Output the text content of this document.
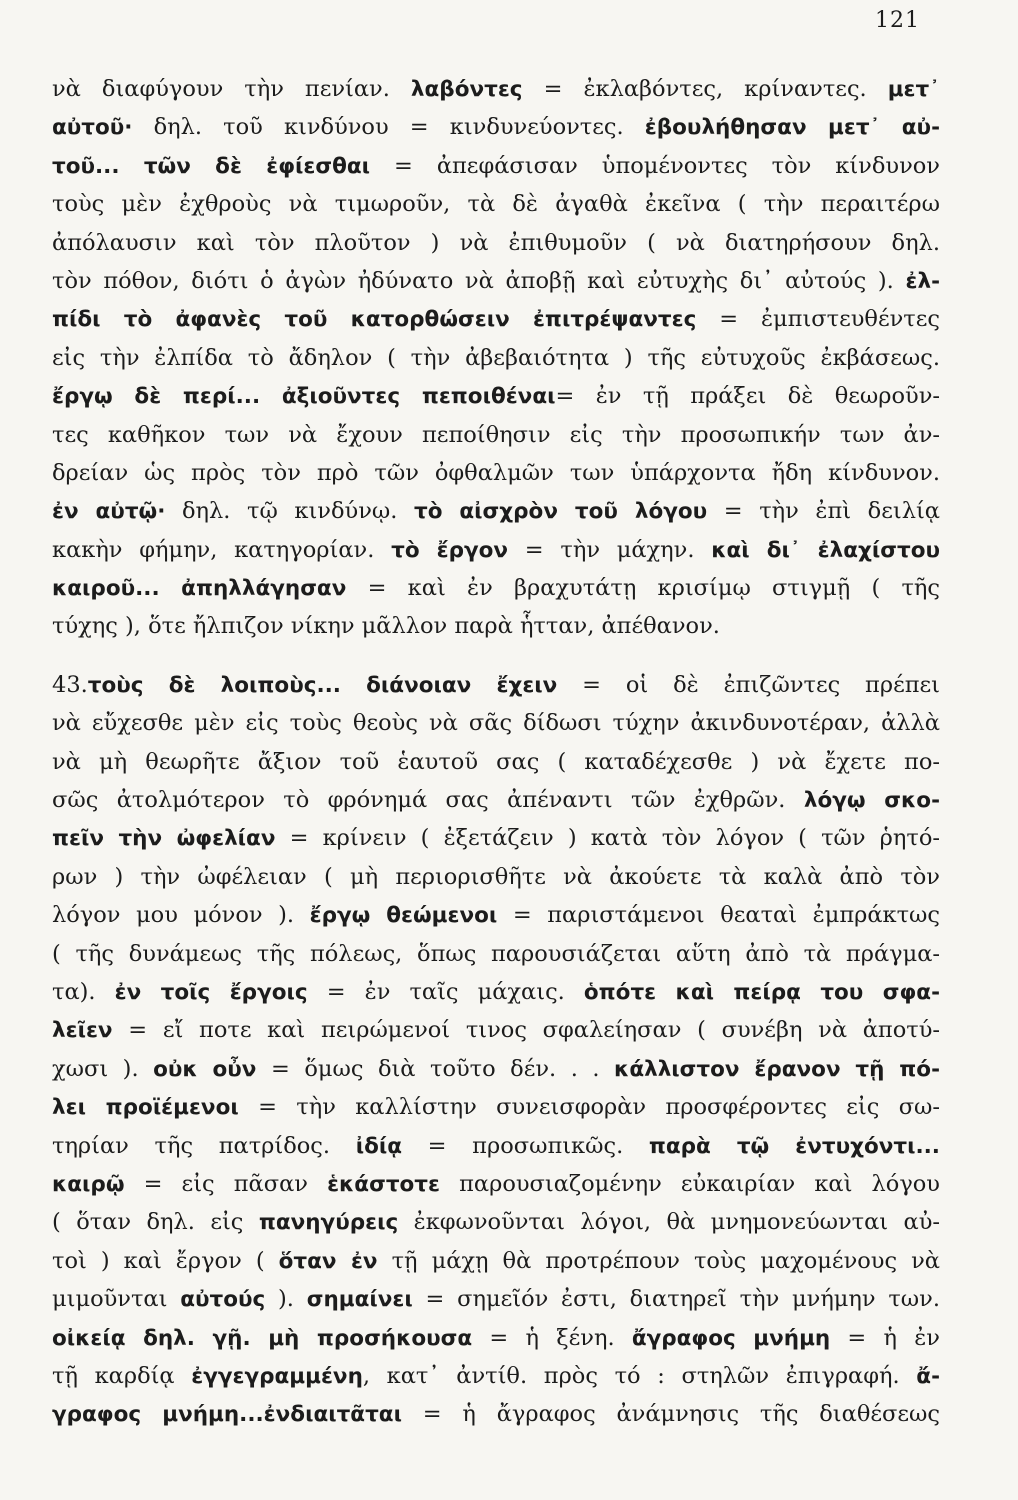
121
νὰ διαφύγουν τὴν πενίαν. λαβόντες = ἐκλαβόντες, κρίναντες. μετ᾽
αὐτοῦ· δηλ. τοῦ κινδύνου = κινδυνεύοντες. ἐβουλήθησαν μετ᾽ αὐ-
τοῦ... τῶν δὲ ἐφίεσθαι = ἀπεφάσισαν ὑπομένοντες τὸν κίνδυνον
τοὺς μὲν ἐχθροὺς νὰ τιμωροῦν, τὰ δὲ ἀγαθὰ ἐκεῖνα ( τὴν περαιτέρω
ἀπόλαυσιν καὶ τὸν πλοῦτον ) νὰ ἐπιθυμοῦν ( νὰ διατηρήσουν δηλ.
τὸν πόθον, διότι ὁ ἀγὼν ἠδύνατο νὰ ἀποβῇ καὶ εὐτυχὴς δι᾽ αὐτούς ). ἐλ-
πίδι τὸ ἀφανὲς τοῦ κατορθώσειν ἐπιτρέψαντες = ἐμπιστευθέντες
εἰς τὴν ἐλπίδα τὸ ἄδηλον ( τὴν ἀβεβαιότητα ) τῆς εὐτυχοῦς ἐκβάσεως.
ἔργῳ δὲ περί... ἀξιοῦντες πεποιθέναι= ἐν τῇ πράξει δὲ θεωροῦν-
τες καθῆκον των νὰ ἔχουν πεποίθησιν εἰς τὴν προσωπικήν των ἀν-
δρείαν ὡς πρὸς τὸν πρὸ τῶν ὀφθαλμῶν των ὑπάρχοντα ἤδη κίνδυνον.
ἐν αὐτῷ· δηλ. τῷ κινδύνῳ. τὸ αἰσχρὸν τοῦ λόγου = τὴν ἐπὶ δειλίᾳ
κακὴν φήμην, κατηγορίαν. τὸ ἔργον = τὴν μάχην. καὶ δι᾽ ἐλαχίστου
καιροῦ... ἀπηλλάγησαν = καὶ ἐν βραχυτάτῃ κρισίμῳ στιγμῇ ( τῆς
τύχης ), ὅτε ἤλπιζον νίκην μᾶλλον παρὰ ἧτταν, ἀπέθανον.
43.τοὺς δὲ λοιποὺς... διάνοιαν ἔχειν = οἱ δὲ ἐπιζῶντες πρέπει
νὰ εὔχεσθε μὲν εἰς τοὺς θεοὺς νὰ σᾶς δίδωσι τύχην ἀκινδυνοτέραν, ἀλλὰ
νὰ μὴ θεωρῆτε ἄξιον τοῦ ἑαυτοῦ σας ( καταδέχεσθε ) νὰ ἔχετε πο-
σῶς ἀτολμότερον τὸ φρόνημά σας ἀπέναντι τῶν ἐχθρῶν. λόγῳ σκο-
πεῖν τὴν ὠφελίαν = κρίνειν ( ἐξετάζειν ) κατὰ τὸν λόγον ( τῶν ῥητό-
ρων ) τὴν ὠφέλειαν ( μὴ περιορισθῆτε νὰ ἀκούετε τὰ καλὰ ἀπὸ τὸν
λόγον μου μόνον ). ἔργῳ θεώμενοι = παριστάμενοι θεαταὶ ἐμπράκτως
( τῆς δυνάμεως τῆς πόλεως, ὅπως παρουσιάζεται αὕτη ἀπὸ τὰ πράγμα-
τα). ἐν τοῖς ἔργοις = ἐν ταῖς μάχαις. ὁπότε καὶ πείρᾳ του σφα-
λεῖεν = εἴ ποτε καὶ πειρώμενοί τινος σφαλείησαν ( συνέβη νὰ ἀποτύ-
χωσι ). οὐκ οὖν = ὅμως διὰ τοῦτο δέν. . . κάλλιστον ἔρανον τῇ πό-
λει προϊέμενοι = τὴν καλλίστην συνεισφορὰν προσφέροντες εἰς σω-
τηρίαν τῆς πατρίδος. ἰδίᾳ = προσωπικῶς. παρὰ τῷ ἐντυχόντι...
καιρῷ = εἰς πᾶσαν ἑκάστοτε παρουσιαζομένην εὐκαιρίαν καὶ λόγου
( ὅταν δηλ. εἰς πανηγύρεις ἐκφωνοῦνται λόγοι, θὰ μνημονεύωνται αὐ-
τοὶ ) καὶ ἔργον ( ὅταν ἐν τῇ μάχῃ θὰ προτρέπουν τοὺς μαχομένους νὰ
μιμοῦνται αὐτούς ). σημαίνει = σημεῖόν ἐστι, διατηρεῖ τὴν μνήμην των.
οἰκείᾳ δηλ. γῇ. μὴ προσήκουσα = ἡ ξένη. ἄγραφος μνήμη = ἡ ἐν
τῇ καρδίᾳ ἐγγεγραμμένη, κατ᾽ ἀντίθ. πρὸς τό : στηλῶν ἐπιγραφή. ἄ-
γραφος μνήμη...ἐνδιαιτᾶται = ἡ ἄγραφος ἀνάμνησις τῆς διαθέσεως
